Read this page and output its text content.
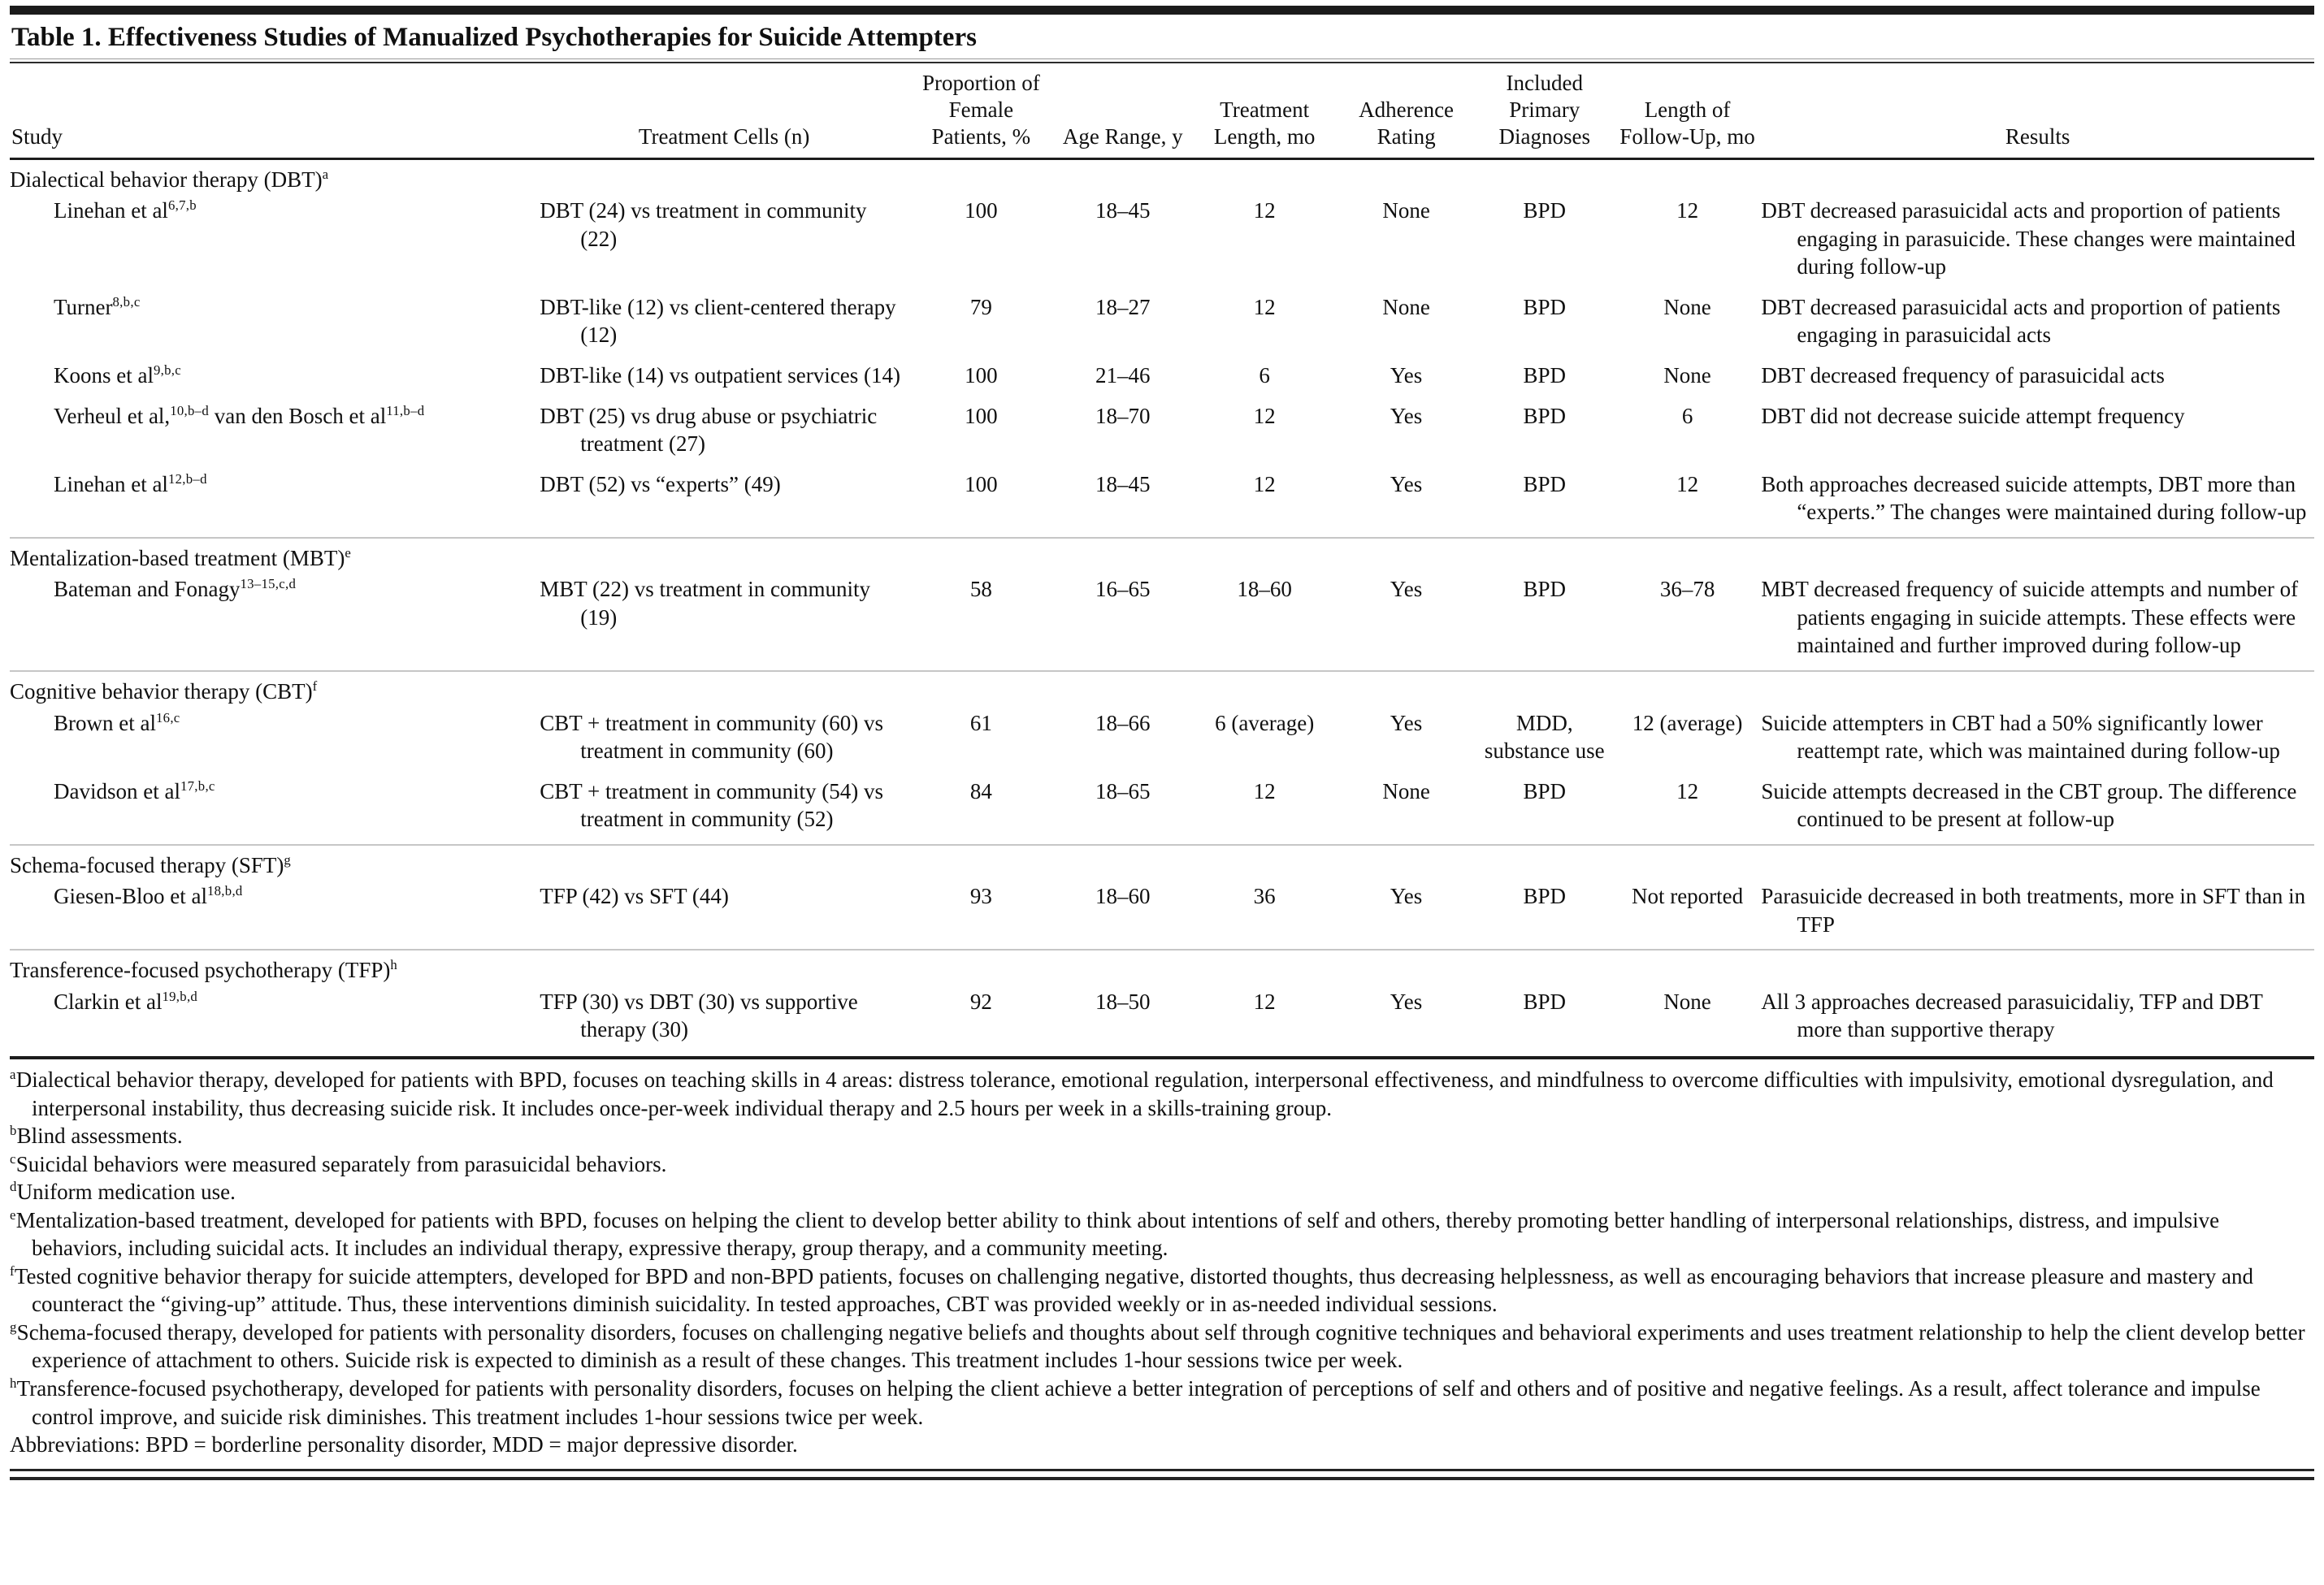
Table 1. Effectiveness Studies of Manualized Psychotherapies for Suicide Attempters
Study	Treatment Cells (n)	Proportion of Female Patients, %	Age Range, y	Treatment Length, mo	Adherence Rating	Included Primary Diagnoses	Length of Follow-Up, mo	Results
Dialectical behavior therapy (DBT)$^a$
Linehan et al$^{6,7,b}$	DBT (24) vs treatment in community (22)	100	18–45	12	None	BPD	12	DBT decreased parasuicidal acts and proportion of patients engaging in parasuicide. These changes were maintained during follow-up
Turner$^{8,b,c}$	DBT-like (12) vs client-centered therapy (12)	79	18–27	12	None	BPD	None	DBT decreased parasuicidal acts and proportion of patients engaging in parasuicidal acts
Koons et al$^{9,b,c}$	DBT-like (14) vs outpatient services (14)	100	21–46	6	Yes	BPD	None	DBT decreased frequency of parasuicidal acts
Verheul et al,$^{10,b-d}$ van den Bosch et al$^{11,b-d}$	DBT (25) vs drug abuse or psychiatric treatment (27)	100	18–70	12	Yes	BPD	6	DBT did not decrease suicide attempt frequency
Linehan et al$^{12,b-d}$	DBT (52) vs “experts” (49)	100	18–45	12	Yes	BPD	12	Both approaches decreased suicide attempts, DBT more than “experts.” The changes were maintained during follow-up
Mentalization-based treatment (MBT)$^e$
Bateman and Fonagy$^{13-15,c,d}$	MBT (22) vs treatment in community (19)	58	16–65	18–60	Yes	BPD	36–78	MBT decreased frequency of suicide attempts and number of patients engaging in suicide attempts. These effects were maintained and further improved during follow-up
Cognitive behavior therapy (CBT)$^f$
Brown et al$^{16,c}$	CBT + treatment in community (60) vs treatment in community (60)	61	18–66	6 (average)	Yes	MDD, substance use	12 (average)	Suicide attempters in CBT had a 50% significantly lower reattempt rate, which was maintained during follow-up
Davidson et al$^{17,b,c}$	CBT + treatment in community (54) vs treatment in community (52)	84	18–65	12	None	BPD	12	Suicide attempts decreased in the CBT group. The difference continued to be present at follow-up
Schema-focused therapy (SFT)$^g$
Giesen-Bloo et al$^{18,b,d}$	TFP (42) vs SFT (44)	93	18–60	36	Yes	BPD	Not reported	Parasuicide decreased in both treatments, more in SFT than in TFP
Transference-focused psychotherapy (TFP)$^h$
Clarkin et al$^{19,b,d}$	TFP (30) vs DBT (30) vs supportive therapy (30)	92	18–50	12	Yes	BPD	None	All 3 approaches decreased parasuicidaliy, TFP and DBT more than supportive therapy

$^a$Dialectical behavior therapy, developed for patients with BPD, focuses on teaching skills in 4 areas: distress tolerance, emotional regulation, interpersonal effectiveness, and mindfulness to overcome difficulties with impulsivity, emotional dysregulation, and interpersonal instability, thus decreasing suicide risk. It includes once-per-week individual therapy and 2.5 hours per week in a skills-training group.

$^b$Blind assessments.

$^c$Suicidal behaviors were measured separately from parasuicidal behaviors.

$^d$Uniform medication use.

$^e$Mentalization-based treatment, developed for patients with BPD, focuses on helping the client to develop better ability to think about intentions of self and others, thereby promoting better handling of interpersonal relationships, distress, and impulsive behaviors, including suicidal acts. It includes an individual therapy, expressive therapy, group therapy, and a community meeting.

$^f$Tested cognitive behavior therapy for suicide attempters, developed for BPD and non-BPD patients, focuses on challenging negative, distorted thoughts, thus decreasing helplessness, as well as encouraging behaviors that increase pleasure and mastery and counteract the “giving-up” attitude. Thus, these interventions diminish suicidality. In tested approaches, CBT was provided weekly or in as-needed individual sessions.

$^g$Schema-focused therapy, developed for patients with personality disorders, focuses on challenging negative beliefs and thoughts about self through cognitive techniques and behavioral experiments and uses treatment relationship to help the client develop better experience of attachment to others. Suicide risk is expected to diminish as a result of these changes. This treatment includes 1-hour sessions twice per week.

$^h$Transference-focused psychotherapy, developed for patients with personality disorders, focuses on helping the client achieve a better integration of perceptions of self and others and of positive and negative feelings. As a result, affect tolerance and impulse control improve, and suicide risk diminishes. This treatment includes 1-hour sessions twice per week.

Abbreviations: BPD = borderline personality disorder, MDD = major depressive disorder.
